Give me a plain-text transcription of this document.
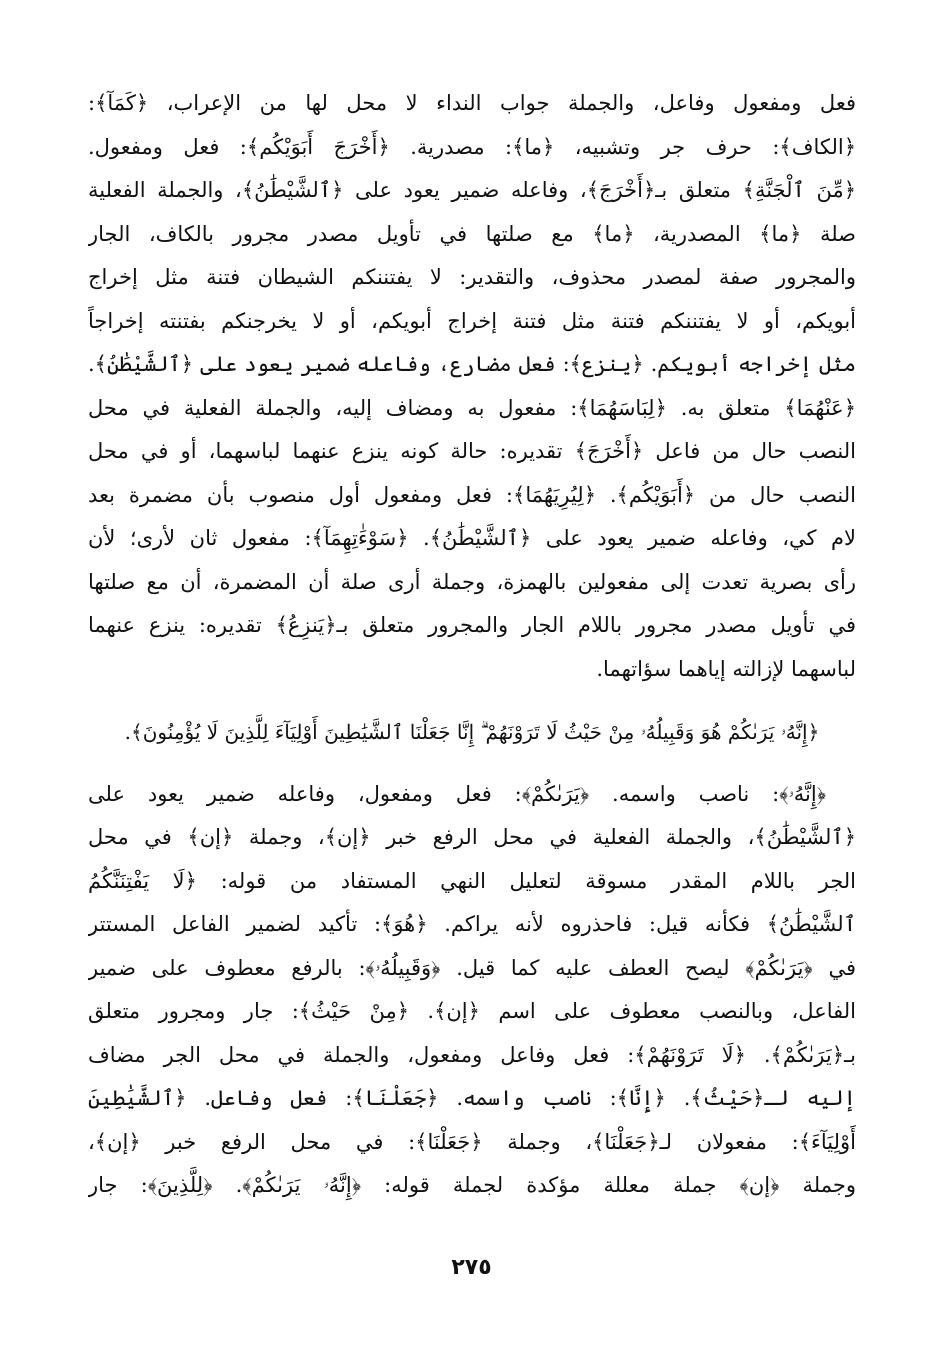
فعل ومفعول وفاعل، والجملة جواب النداء لا محل لها من الإعراب، ﴿كَمَآ﴾:
﴿الكاف﴾: حرف جر وتشبيه، ﴿ما﴾: مصدرية. ﴿أَخْرَجَ أَبَوَيْكُم﴾: فعل ومفعول.
﴿مِّنَ ٱلْجَنَّةِ﴾ متعلق بـ﴿أَخْرَجَ﴾، وفاعله ضمير يعود على ﴿ٱلشَّيْطَٰنُ﴾، والجملة الفعلية
صلة ﴿ما﴾ المصدرية، ﴿ما﴾ مع صلتها في تأويل مصدر مجرور بالكاف، الجار
والمجرور صفة لمصدر محذوف، والتقدير: لا يفتننكم الشيطان فتنة مثل إخراج
أبويكم، أو لا يفتننكم فتنة مثل فتنة إخراج أبويكم، أو لا يخرجنكم بفتنته إخراجاً
مثل إخراجه أبويكم. ﴿ينزع﴾: فعل مضارع، وفاعله ضمير يعود على ﴿ٱلشَّيْطَٰنُ﴾.
﴿عَنْهُمَا﴾ متعلق به. ﴿لِبَاسَهُمَا﴾: مفعول به ومضاف إليه، والجملة الفعلية في محل
النصب حال من فاعل ﴿أَخْرَجَ﴾ تقديره: حالة كونه ينزع عنهما لباسهما، أو في محل
النصب حال من ﴿أَبَوَيْكُم﴾. ﴿لِيُرِيَهُمَا﴾: فعل ومفعول أول منصوب بأن مضمرة بعد
لام كي، وفاعله ضمير يعود على ﴿ٱلشَّيْطَٰنُ﴾. ﴿سَوْءَٰتِهِمَآ﴾: مفعول ثان لأرى؛ لأن
رأى بصرية تعدت إلى مفعولين بالهمزة، وجملة أرى صلة أن المضمرة، أن مع صلتها
في تأويل مصدر مجرور باللام الجار والمجرور متعلق بـ﴿يَنزِعُ﴾ تقديره: ينزع عنهما
لباسهما لإزالته إياهما سؤاتهما.
﴿إِنَّهُۥ يَرَىٰكُمْ هُوَ وَقَبِيلُهُۥ مِنْ حَيْثُ لَا تَرَوْنَهُمْ ۗ إِنَّا جَعَلْنَا ٱلشَّيَٰطِينَ أَوْلِيَآءَ لِلَّذِينَ لَا يُؤْمِنُونَ﴾.
﴿إِنَّهُۥ﴾: ناصب واسمه. ﴿يَرَىٰكُمْ﴾: فعل ومفعول، وفاعله ضمير يعود على
﴿ٱلشَّيْطَٰنُ﴾، والجملة الفعلية في محل الرفع خبر ﴿إن﴾، وجملة ﴿إن﴾ في محل
الجر باللام المقدر مسوقة لتعليل النهي المستفاد من قوله: ﴿لَا يَفْتِنَنَّكُمُ
ٱلشَّيْطَٰنُ﴾ فكأنه قيل: فاحذروه لأنه يراكم. ﴿هُوَ﴾: تأكيد لضمير الفاعل المستتر
في ﴿يَرَىٰكُمْ﴾ ليصح العطف عليه كما قيل. ﴿وَقَبِيلُهُۥ﴾: بالرفع معطوف على ضمير
الفاعل، وبالنصب معطوف على اسم ﴿إن﴾. ﴿مِنْ حَيْثُ﴾: جار ومجرور متعلق
بـ﴿يَرَىٰكُمْ﴾. ﴿لَا تَرَوْنَهُمْ﴾: فعل وفاعل ومفعول، والجملة في محل الجر مضاف
إليه لـ﴿حَيْثُ﴾. ﴿إِنَّا﴾: ناصب واسمه. ﴿جَعَلْنَا﴾: فعل وفاعل. ﴿ٱلشَّيَٰطِينَ
أَوْلِيَآءَ﴾: مفعولان لـ﴿جَعَلْنَا﴾، وجملة ﴿جَعَلْنَا﴾: في محل الرفع خبر ﴿إن﴾،
وجملة ﴿إن﴾ جملة معللة مؤكدة لجملة قوله: ﴿إِنَّهُۥ يَرَىٰكُمْ﴾. ﴿لِلَّذِينَ﴾: جار
٢٧٥
